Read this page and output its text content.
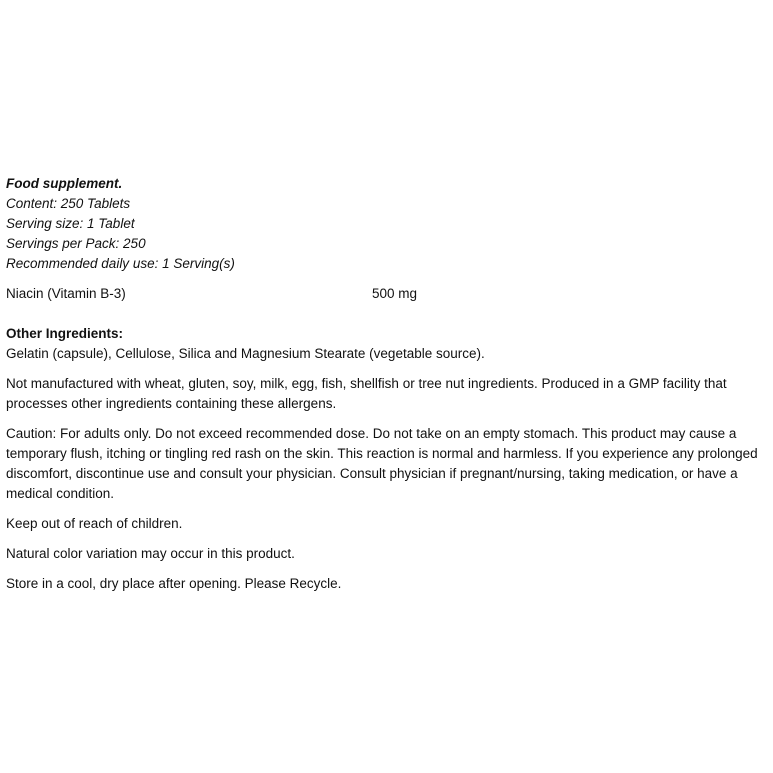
Food supplement.
Content: 250 Tablets
Serving size: 1 Tablet
Servings per Pack: 250
Recommended daily use: 1 Serving(s)
Niacin (Vitamin B-3)	500 mg
Other Ingredients:
Gelatin (capsule), Cellulose, Silica and Magnesium Stearate (vegetable source).

Not manufactured with wheat, gluten, soy, milk, egg, fish, shellfish or tree nut ingredients. Produced in a GMP facility that processes other ingredients containing these allergens.

Caution: For adults only. Do not exceed recommended dose. Do not take on an empty stomach. This product may cause a temporary flush, itching or tingling red rash on the skin. This reaction is normal and harmless. If you experience any prolonged discomfort, discontinue use and consult your physician. Consult physician if pregnant/nursing, taking medication, or have a medical condition.

Keep out of reach of children.

Natural color variation may occur in this product.

Store in a cool, dry place after opening. Please Recycle.
